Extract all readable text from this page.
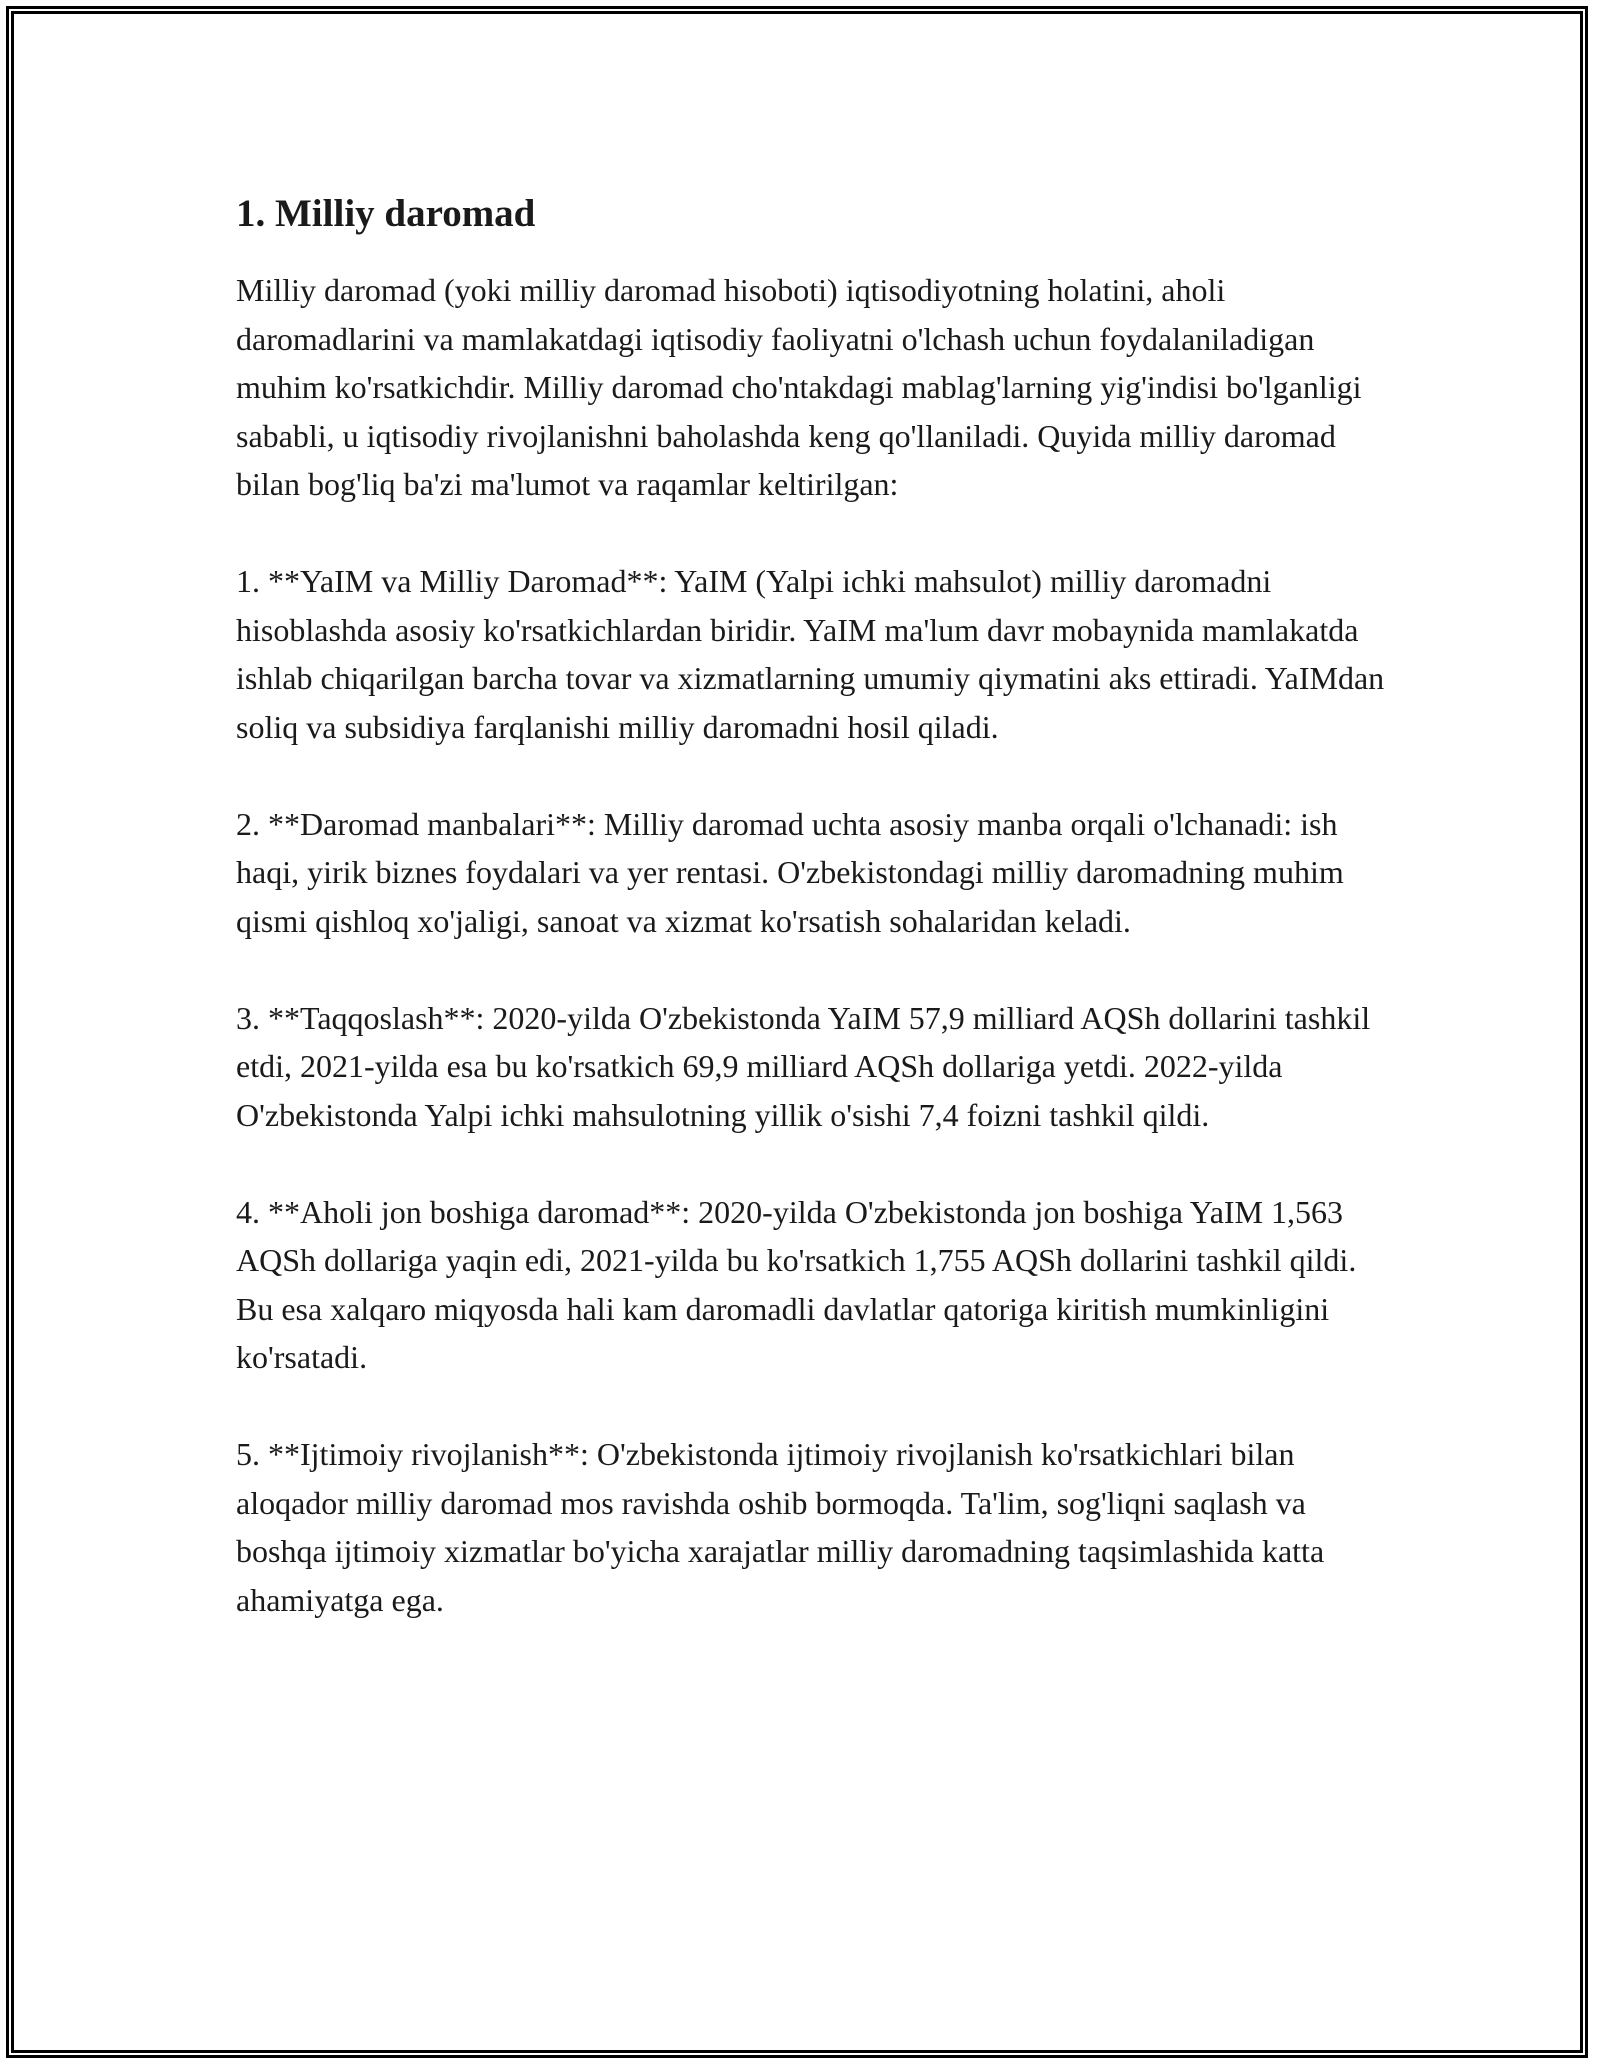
1. Milliy daromad

Milliy daromad (yoki milliy daromad hisoboti) iqtisodiyotning holatini, aholi daromadlarini va mamlakatdagi iqtisodiy faoliyatni o'lchash uchun foydalaniladigan muhim ko'rsatkichdir. Milliy daromad cho'ntakdagi mablag'larning yig'indisi bo'lganligi sababli, u iqtisodiy rivojlanishni baholashda keng qo'llaniladi. Quyida milliy daromad bilan bog'liq ba'zi ma'lumot va raqamlar keltirilgan:

1. **YaIM va Milliy Daromad**: YaIM (Yalpi ichki mahsulot) milliy daromadni hisoblashda asosiy ko'rsatkichlardan biridir. YaIM ma'lum davr mobaynida mamlakatda ishlab chiqarilgan barcha tovar va xizmatlarning umumiy qiymatini aks ettiradi. YaIMdan soliq va subsidiya farqlanishi milliy daromadni hosil qiladi.

2. **Daromad manbalari**: Milliy daromad uchta asosiy manba orqali o'lchanadi: ish haqi, yirik biznes foydalari va yer rentasi. O'zbekistondagi milliy daromadning muhim qismi qishloq xo'jaligi, sanoat va xizmat ko'rsatish sohalaridan keladi.

3. **Taqqoslash**: 2020-yilda O'zbekistonda YaIM 57,9 milliard AQSh dollarini tashkil etdi, 2021-yilda esa bu ko'rsatkich 69,9 milliard AQSh dollariga yetdi. 2022-yilda O'zbekistonda Yalpi ichki mahsulotning yillik o'sishi 7,4 foizni tashkil qildi.

4. **Aholi jon boshiga daromad**: 2020-yilda O'zbekistonda jon boshiga YaIM 1,563 AQSh dollariga yaqin edi, 2021-yilda bu ko'rsatkich 1,755 AQSh dollarini tashkil qildi. Bu esa xalqaro miqyosda hali kam daromadli davlatlar qatoriga kiritish mumkinligini ko'rsatadi.

5. **Ijtimoiy rivojlanish**: O'zbekistonda ijtimoiy rivojlanish ko'rsatkichlari bilan aloqador milliy daromad mos ravishda oshib bormoqda. Ta'lim, sog'liqni saqlash va boshqa ijtimoiy xizmatlar bo'yicha xarajatlar milliy daromadning taqsimlashida katta ahamiyatga ega.
